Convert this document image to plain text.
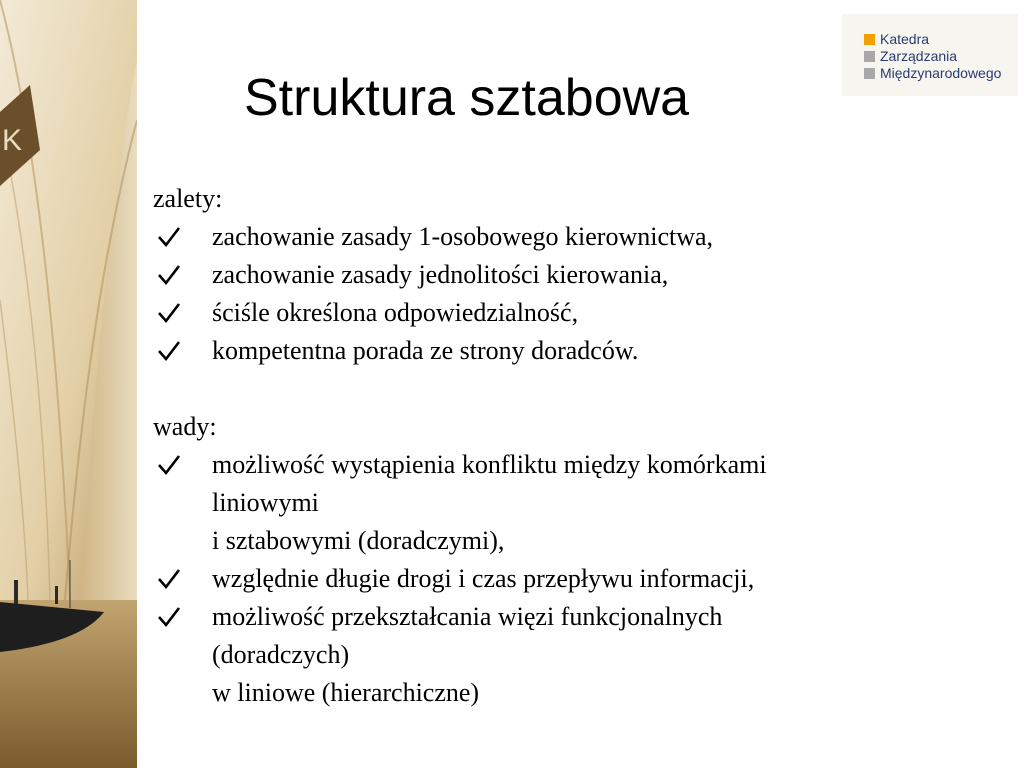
K
Katedra
Zarządzania
Międzynarodowego
Struktura sztabowa
zalety:
zachowanie zasady 1-osobowego kierownictwa,
zachowanie zasady jednolitości kierowania,
ściśle określona odpowiedzialność,
kompetentna porada ze strony doradców.
wady:
możliwość wystąpienia konfliktu między komórkami
liniowymi
i sztabowymi (doradczymi),
względnie długie drogi i czas przepływu informacji,
możliwość przekształcania więzi funkcjonalnych
(doradczych)
w liniowe (hierarchiczne)
